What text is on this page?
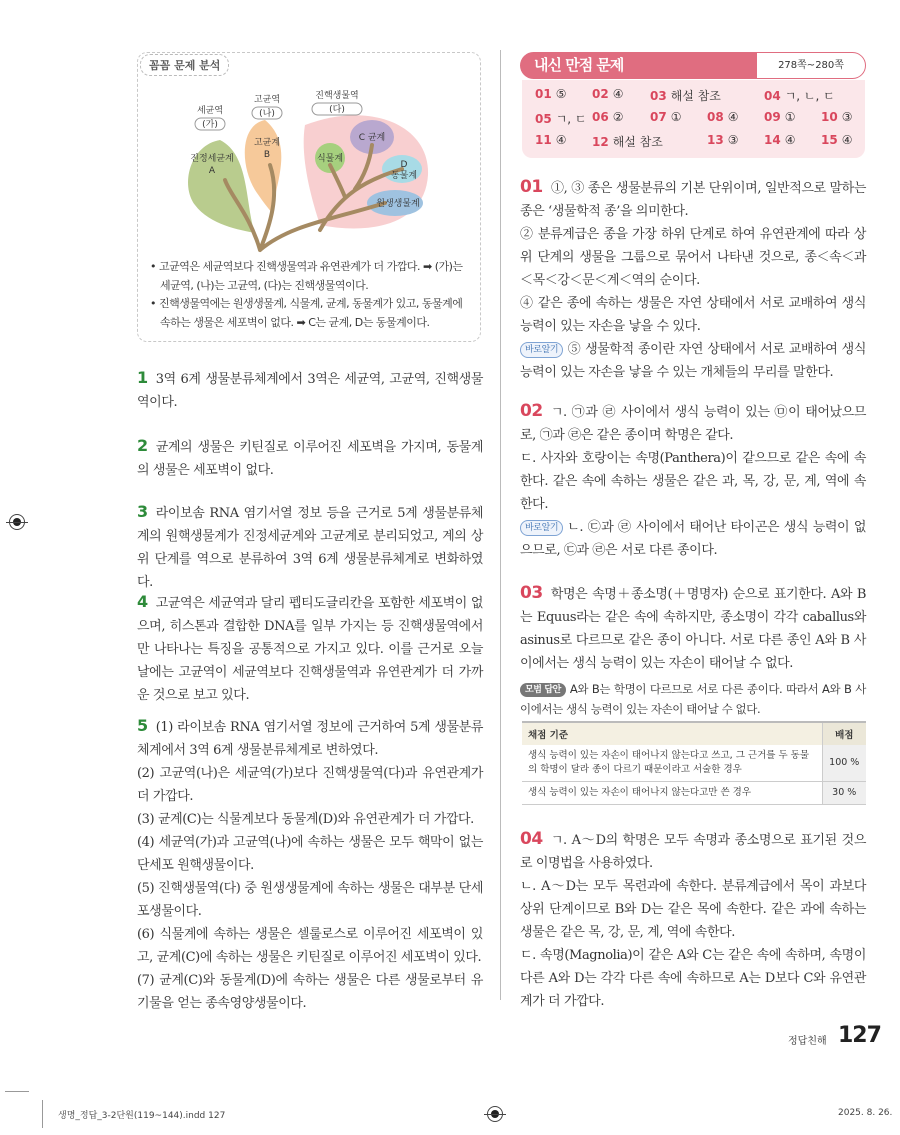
꼼꼼 문제 분석
세균역
(가)
고균역
(나)
진핵생물역
(다)
진정세균계
A
고균계
B
C 균계
식물계
D
동물계
원생생물계

• 고균역은 세균역보다 진핵생물역과 유연관계가 더 가깝다. ➡ (가)는 세균역, (나)는 고균역, (다)는 진핵생물역이다.

• 진핵생물역에는 원생생물계, 식물계, 균계, 동물계가 있고, 동물계에 속하는 생물은 세포벽이 없다. ➡ C는 균계, D는 동물계이다.

1 3역 6계 생물분류체계에서 3역은 세균역, 고균역, 진핵생물역이다.
2 균계의 생물은 키틴질로 이루어진 세포벽을 가지며, 동물계의 생물은 세포벽이 없다.
3 라이보솜 RNA 염기서열 정보 등을 근거로 5계 생물분류체계의 원핵생물계가 진정세균계와 고균계로 분리되었고, 계의 상위 단계를 역으로 분류하여 3역 6계 생물분류체계로 변화하였다.
4 고균역은 세균역과 달리 펩티도글리칸을 포함한 세포벽이 없으며, 히스톤과 결합한 DNA를 일부 가지는 등 진핵생물역에서만 나타나는 특징을 공통적으로 가지고 있다. 이를 근거로 오늘날에는 고균역이 세균역보다 진핵생물역과 유연관계가 더 가까운 것으로 보고 있다.
5 (1) 라이보솜 RNA 염기서열 정보에 근거하여 5계 생물분류체계에서 3역 6계 생물분류체계로 변하였다.
(2) 고균역(나)은 세균역(가)보다 진핵생물역(다)과 유연관계가 더 가깝다.
(3) 균계(C)는 식물계보다 동물계(D)와 유연관계가 더 가깝다.
(4) 세균역(가)과 고균역(나)에 속하는 생물은 모두 핵막이 없는 단세포 원핵생물이다.
(5) 진핵생물역(다) 중 원생생물계에 속하는 생물은 대부분 단세포생물이다.
(6) 식물계에 속하는 생물은 셀룰로스로 이루어진 세포벽이 있고, 균계(C)에 속하는 생물은 키틴질로 이루어진 세포벽이 있다.
(7) 균계(C)와 동물계(D)에 속하는 생물은 다른 생물로부터 유기물을 얻는 종속영양생물이다.
내신 만점 문제	278쪽~280쪽
01 ⑤ 02 ④ 03 해설 참조	04 ㄱ, ㄴ, ㄷ
05 ㄱ, ㄷ 06 ② 07 ① 08 ④ 09 ① 10 ③
11 ④ 12 해설 참조	13 ③ 14 ④ 15 ④
01 ①, ③ 종은 생물분류의 기본 단위이며, 일반적으로 말하는 종은 ‘생물학적 종’을 의미한다.
② 분류계급은 종을 가장 하위 단계로 하여 유연관계에 따라 상위 단계의 생물을 그룹으로 묶어서 나타낸 것으로, 종＜속＜과＜목＜강＜문＜계＜역의 순이다.
④ 같은 종에 속하는 생물은 자연 상태에서 서로 교배하여 생식 능력이 있는 자손을 낳을 수 있다.
바로알기 ⑤ 생물학적 종이란 자연 상태에서 서로 교배하여 생식 능력이 있는 자손을 낳을 수 있는 개체들의 무리를 말한다.
02 ㄱ. ㉠과 ㉣ 사이에서 생식 능력이 있는 ㉤이 태어났으므로, ㉠과 ㉣은 같은 종이며 학명은 같다.
ㄷ. 사자와 호랑이는 속명(Panthera)이 같으므로 같은 속에 속한다. 같은 속에 속하는 생물은 같은 과, 목, 강, 문, 계, 역에 속한다.
바로알기 ㄴ. ㉢과 ㉣ 사이에서 태어난 타이곤은 생식 능력이 없으므로, ㉢과 ㉣은 서로 다른 종이다.
03 학명은 속명＋종소명(＋명명자) 순으로 표기한다. A와 B는 Equus라는 같은 속에 속하지만, 종소명이 각각 caballus와 asinus로 다르므로 같은 종이 아니다. 서로 다른 종인 A와 B 사이에서는 생식 능력이 있는 자손이 태어날 수 없다.
모범 답안 A와 B는 학명이 다르므로 서로 다른 종이다. 따라서 A와 B 사이에서는 생식 능력이 있는 자손이 태어날 수 없다.
채점 기준	배점
생식 능력이 있는 자손이 태어나지 않는다고 쓰고, 그 근거를 두 동물의 학명이 달라 종이 다르기 때문이라고 서술한 경우	100 %
생식 능력이 있는 자손이 태어나지 않는다고만 쓴 경우	30 %
04 ㄱ. A～D의 학명은 모두 속명과 종소명으로 표기된 것으로 이명법을 사용하였다.
ㄴ. A～D는 모두 목련과에 속한다. 분류계급에서 목이 과보다 상위 단계이므로 B와 D는 같은 목에 속한다. 같은 과에 속하는 생물은 같은 목, 강, 문, 계, 역에 속한다.
ㄷ. 속명(Magnolia)이 같은 A와 C는 같은 속에 속하며, 속명이 다른 A와 D는 각각 다른 속에 속하므로 A는 D보다 C와 유연관계가 더 가깝다.
정답친해 127
생명_정답_3-2단원(119~144).indd 127	2025. 8. 26.
